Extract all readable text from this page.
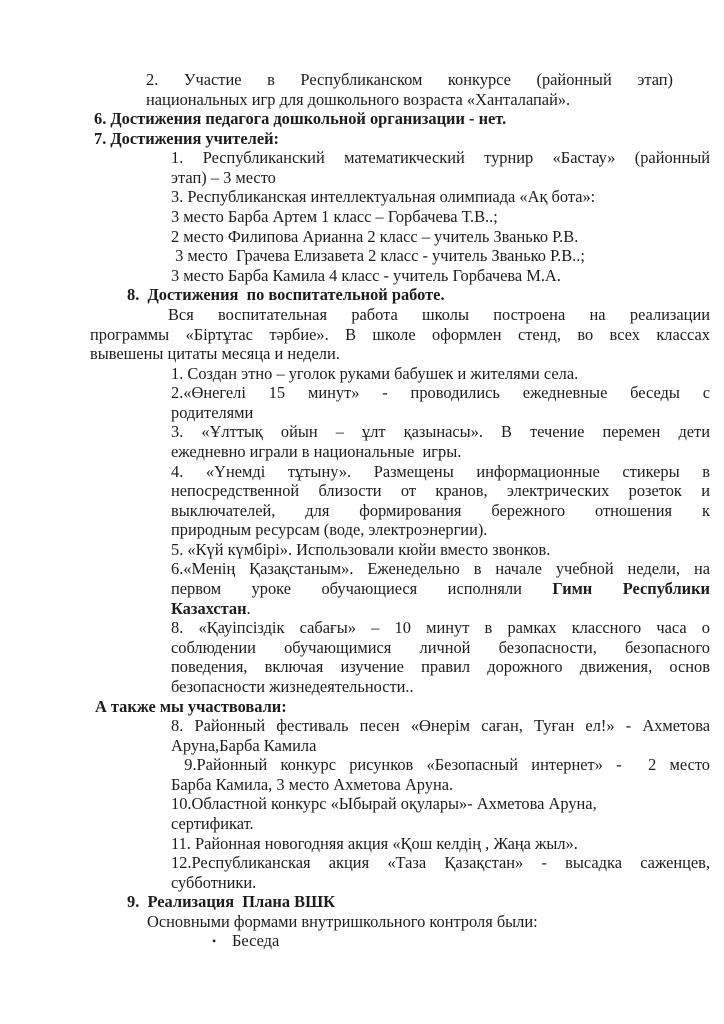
2. Участие в Республиканском конкурсе (районный этап)
национальных игр для дошкольного возраста «Ханталапай».
6. Достижения педагога дошкольной организации - нет.
7. Достижения учителей:
1. Республиканский математикческий турнир «Бастау» (районный
этап) – 3 место
3. Республиканская интеллектуальная олимпиада «Ақ бота»:
3 место Барба Артем 1 класс – Горбачева Т.В..;
2 место Филипова Арианна 2 класс – учитель Званько Р.В.
3 место  Грачева Елизавета 2 класс - учитель Званько Р.В..;
3 место Барба Камила 4 класс - учитель Горбачева М.А.
8.  Достижения  по воспитательной работе.
Вся воспитательная работа школы построена на реализации
программы «Біртұтас тәрбие». В школе оформлен стенд, во всех классах
вывешены цитаты месяца и недели.
1. Создан этно – уголок руками бабушек и жителями села.
2.«Өнегелі 15 минут» - проводились ежедневные беседы с
родителями
3. «Ұлттық ойын – ұлт қазынасы». В течение перемен дети
ежедневно играли в национальные  игры.
4. «Үнемді тұтыну». Размещены информационные стикеры в
непосредственной близости от кранов, электрических розеток и
выключателей, для формирования бережного отношения к
природным ресурсам (воде, электроэнергии).
5. «Күй күмбірі». Использовали кюйи вместо звонков.
6.«Менің Қазақстаным». Еженедельно в начале учебной недели, на
первом уроке обучающиеся исполняли Гимн Республики
Казахстан.
8. «Қауіпсіздік сабағы» – 10 минут в рамках классного часа о
соблюдении обучающимися личной безопасности, безопасного
поведения, включая изучение правил дорожного движения, основ
безопасности жизнедеятельности..
А также мы участвовали:
8. Районный фестиваль песен «Өнерім саған, Туған ел!» - Ахметова
Аруна,Барба Камила
9.Районный конкурс рисунков «Безопасный интернет» -  2 место
Барба Камила, 3 место Ахметова Аруна.
10.Областной конкурс «Ыбырай оқулары»- Ахметова Аруна,
сертификат.
11. Районная новогодняя акция «Қош келдің , Жаңа жыл».
12.Республиканская акция «Таза Қазақстан» - высадка саженцев,
субботники.
9.  Реализация  Плана ВШК
Основными формами внутришкольного контроля были:
• Беседа
